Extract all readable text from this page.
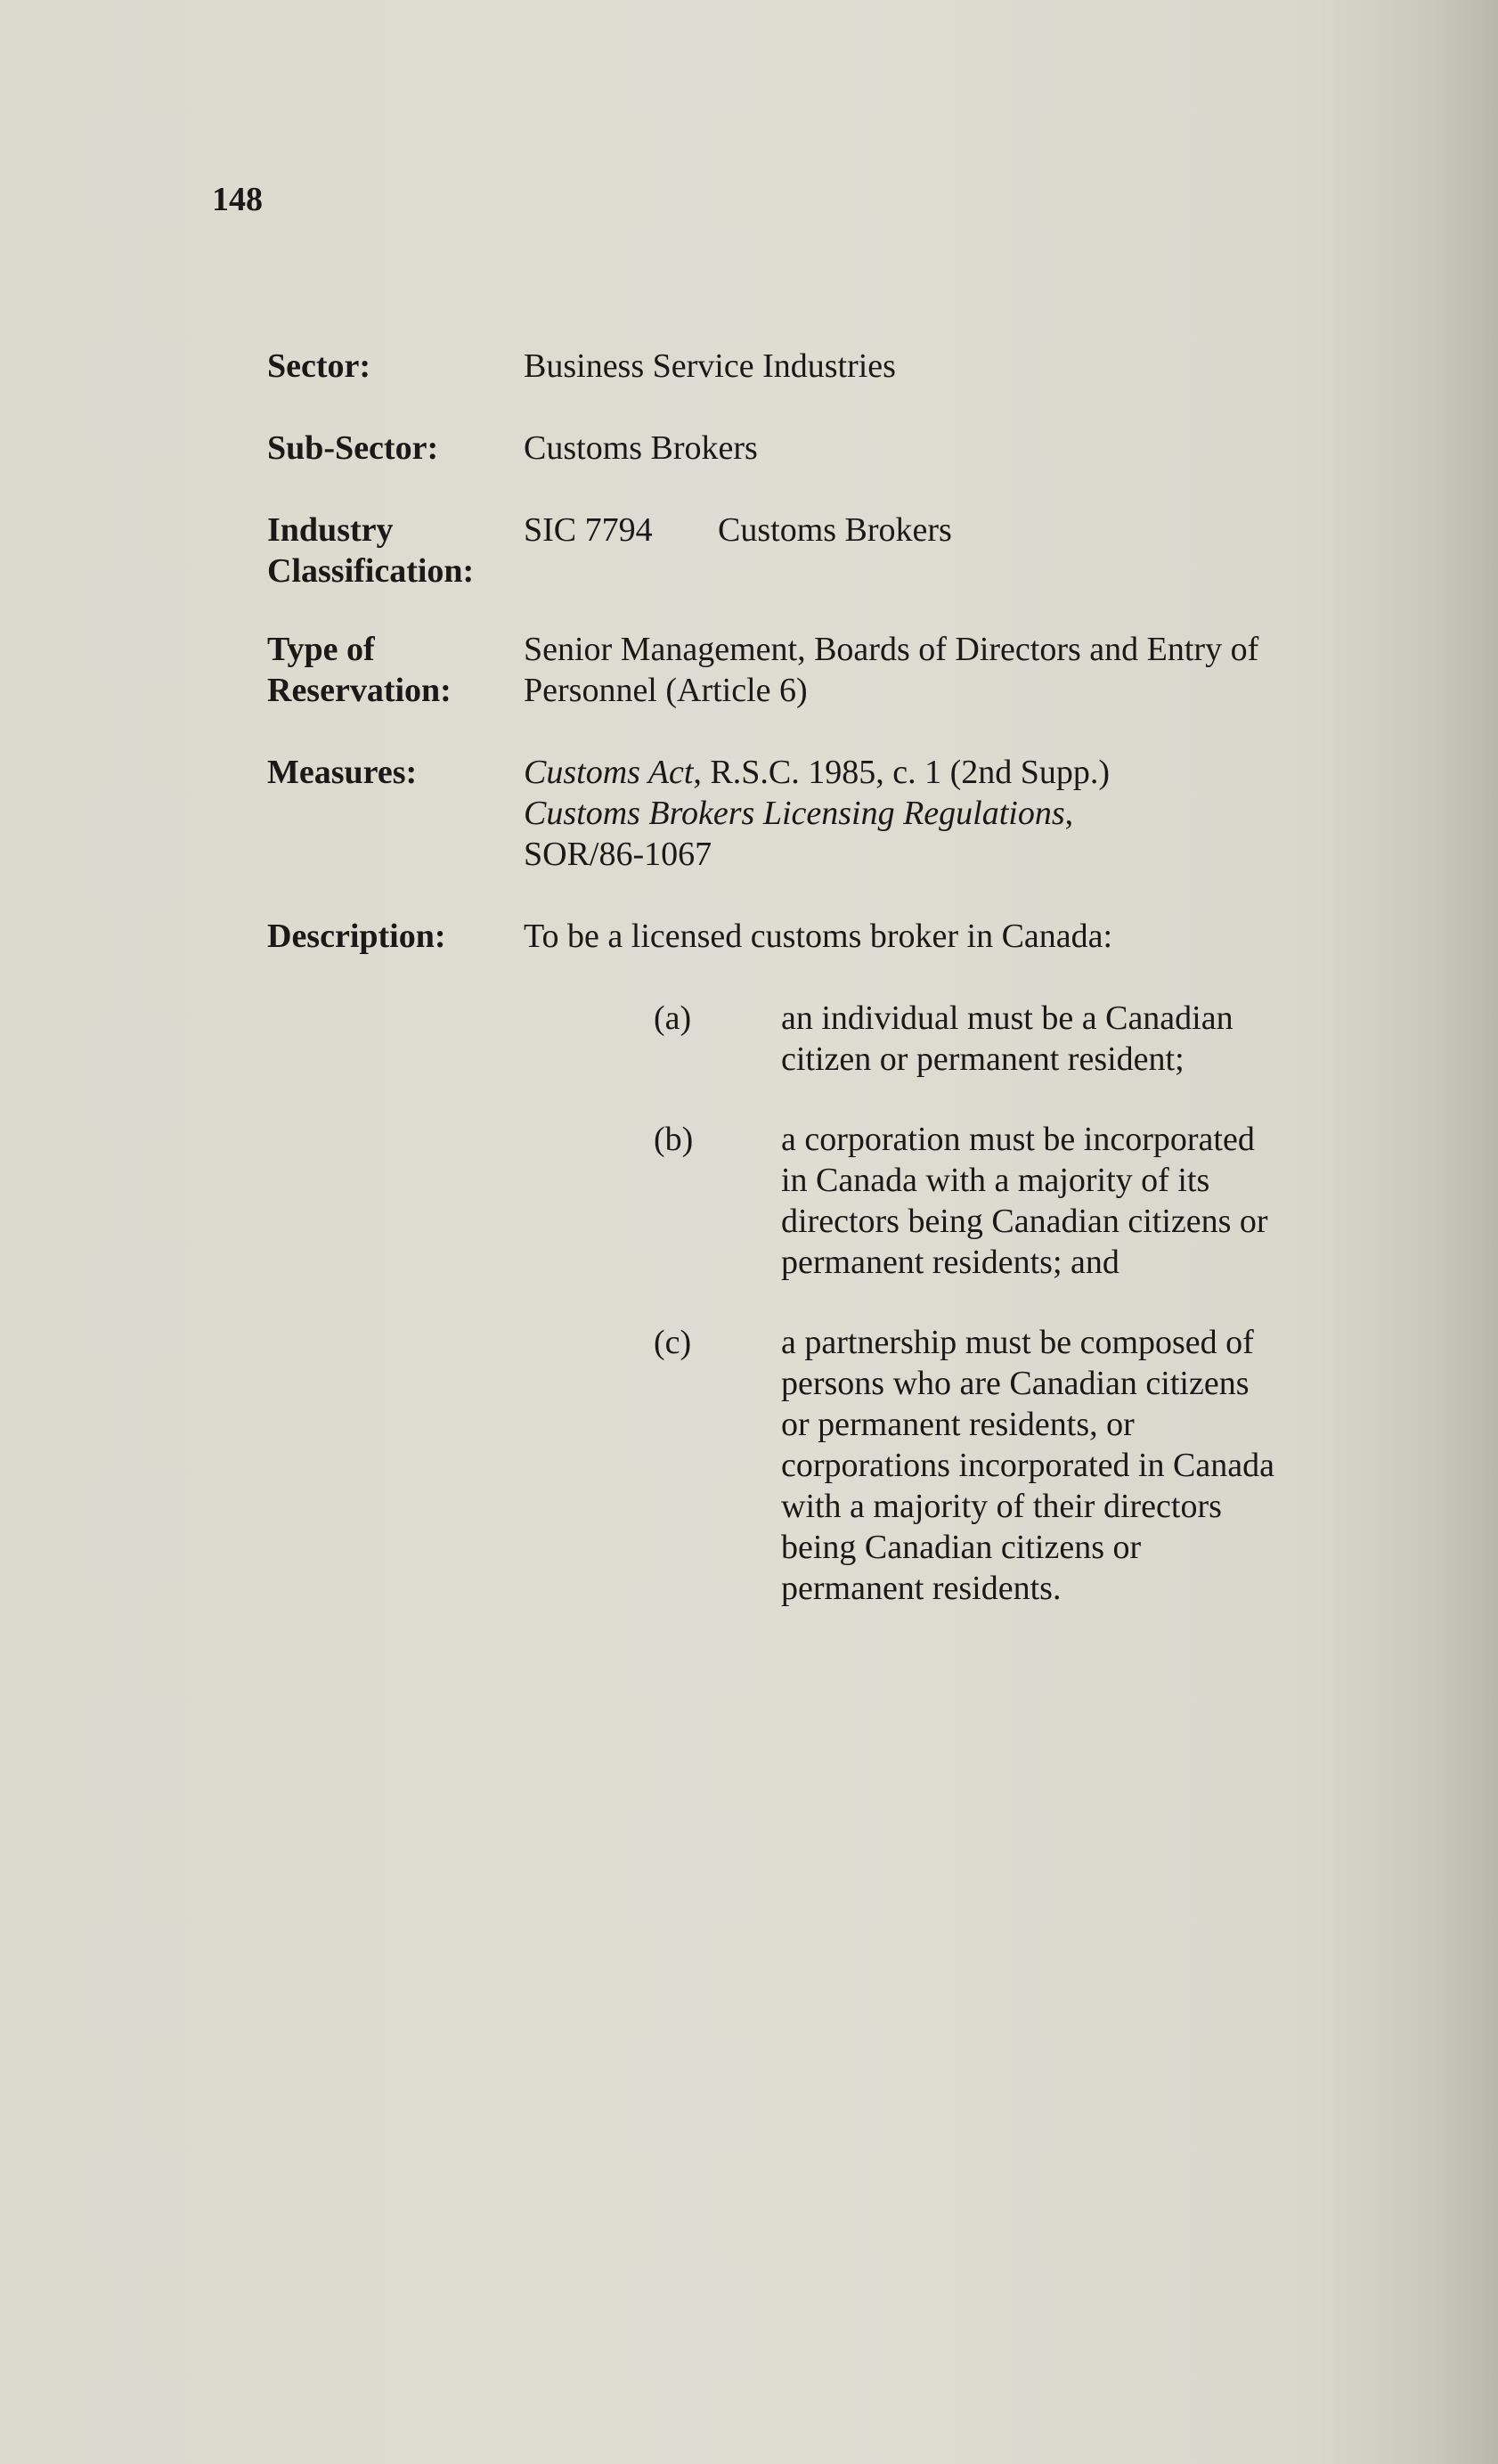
148
Sector:	Business Service Industries
Sub-Sector:	Customs Brokers
Industry
Classification:
SIC 7794 Customs Brokers
Type of
Reservation:
Senior Management, Boards of Directors and Entry of
Personnel (Article 6)
Measures:	Customs Act, R.S.C. 1985, c. 1 (2nd Supp.)
Customs Brokers Licensing Regulations,
SOR/86-1067
Description:	To be a licensed customs broker in Canada:
(a)	an individual must be a Canadian
citizen or permanent resident;
(b)	a corporation must be incorporated
in Canada with a majority of its
directors being Canadian citizens or
permanent residents; and
(c)	a partnership must be composed of
persons who are Canadian citizens
or permanent residents, or
corporations incorporated in Canada
with a majority of their directors
being Canadian citizens or
permanent residents.
